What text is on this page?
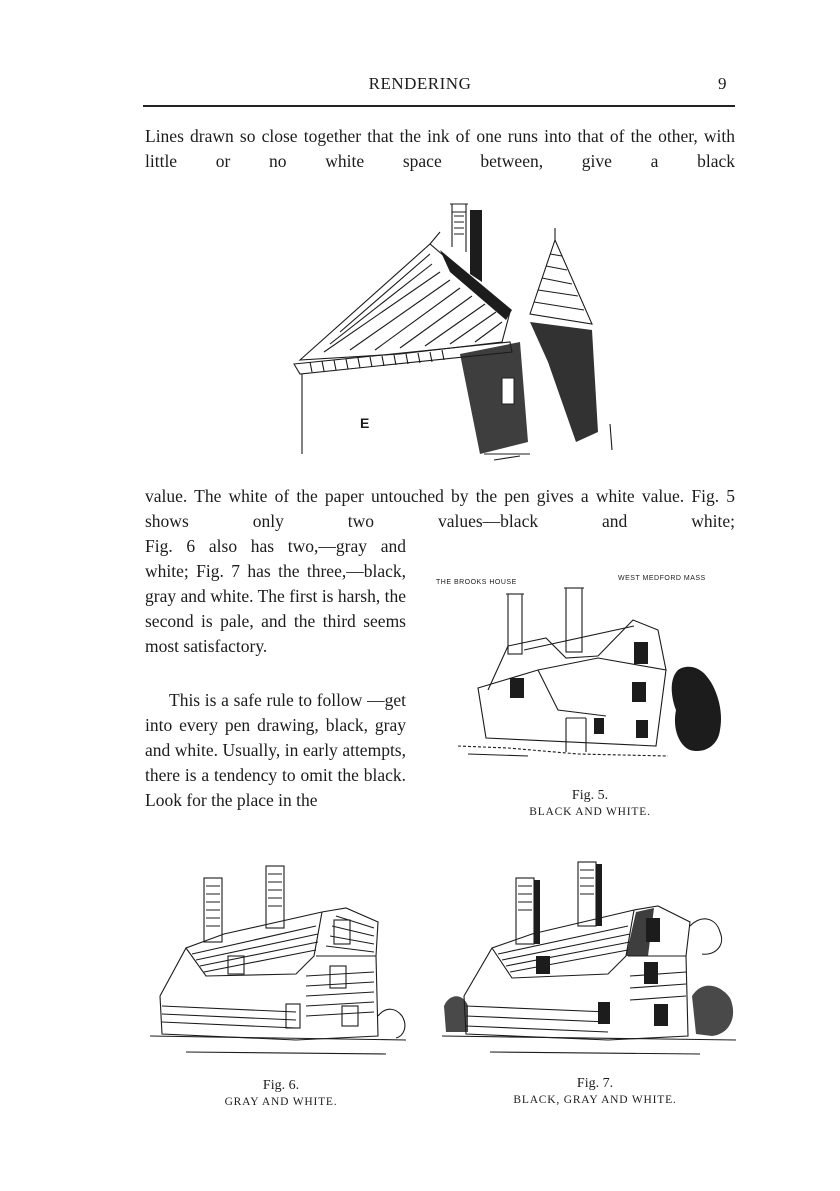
RENDERING	9

Lines drawn so close together that the ink of one runs into that of the other, with little or no white space between, give a black

E

value. The white of the paper untouched by the pen gives a white value. Fig. 5 shows only two values—black and white;

Fig. 6 also has two,—gray and white; Fig. 7 has the three,—black, gray and white. The first is harsh, the second is pale, and the third seems most satisfactory.

This is a safe rule to follow —get into every pen drawing, black, gray and white. Usually, in early attempts, there is a tendency to omit the black. Look for the place in the

THE BROOKS HOUSE
WEST MEDFORD MASS
Fig. 5.
BLACK AND WHITE.
Fig. 6.
GRAY AND WHITE.
Fig. 7.
BLACK, GRAY AND WHITE.
